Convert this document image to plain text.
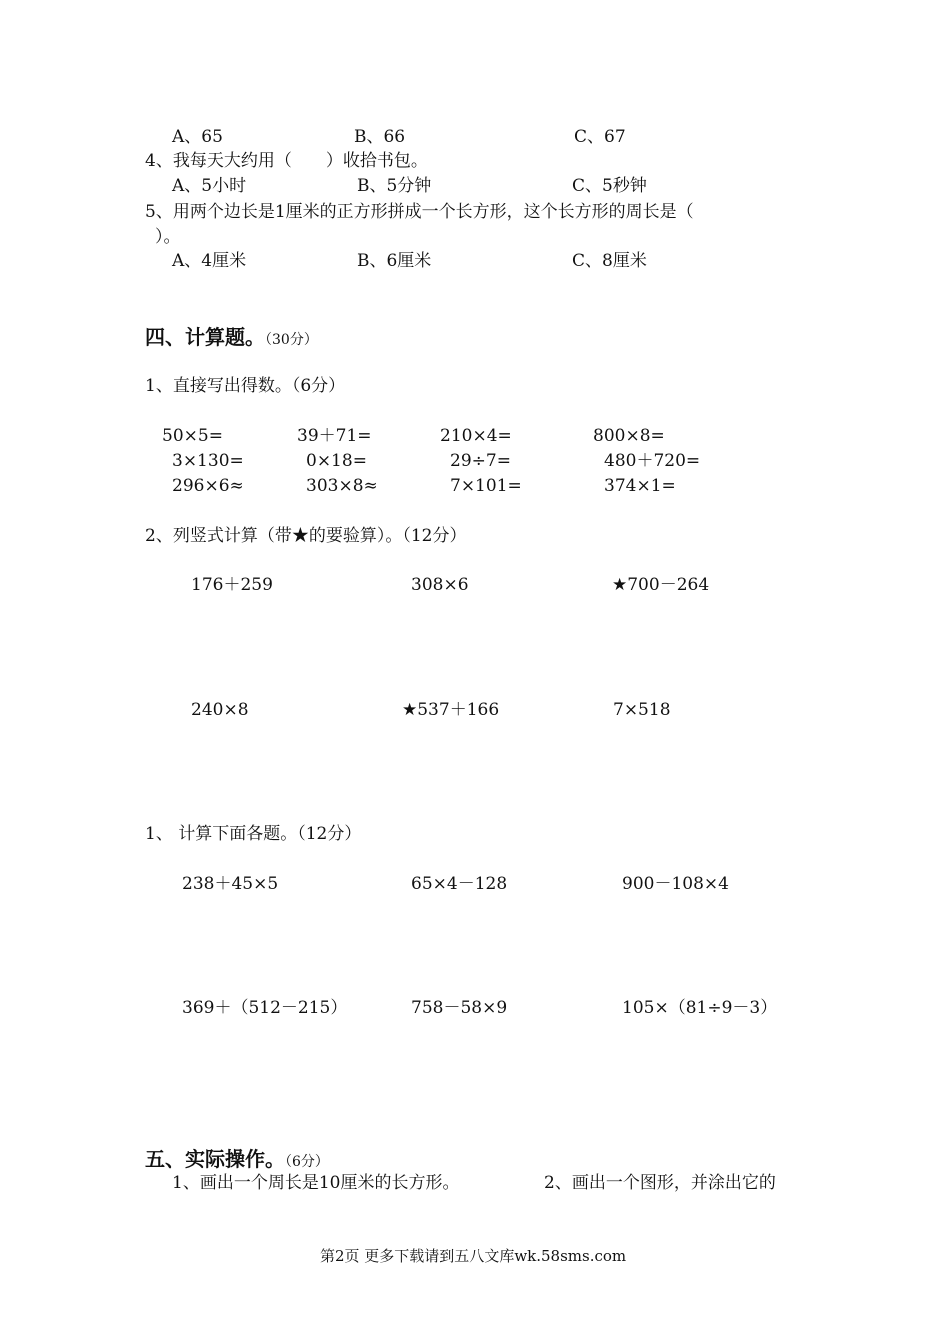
A、65	B、66	C、67
4、我每天大约用（　　）收拾书包。
A、5小时	B、5分钟	C、5秒钟
5、用两个边长是1厘米的正方形拼成一个长方形，这个长方形的周长是（
）。
A、4厘米	B、6厘米	C、8厘米
四、计算题。（30分）
1、直接写出得数。（6分）
50×5=	39＋71=	210×4=	800×8=
3×130=	0×18=	29÷7=	480＋720=
296×6≈	303×8≈	7×101=	374×1=
2、列竖式计算（带★的要验算）。（12分）
176＋259	308×6	★700－264
240×8	★537＋166	7×518
1、 计算下面各题。（12分）
238＋45×5	65×4－128	900－108×4
369＋（512－215）	758－58×9	105×（81÷9－3）
五、实际操作。（6分）
1、画出一个周长是10厘米的长方形。	2、画出一个图形，并涂出它的
第2页 更多下载请到五八文库wk.58sms.com
